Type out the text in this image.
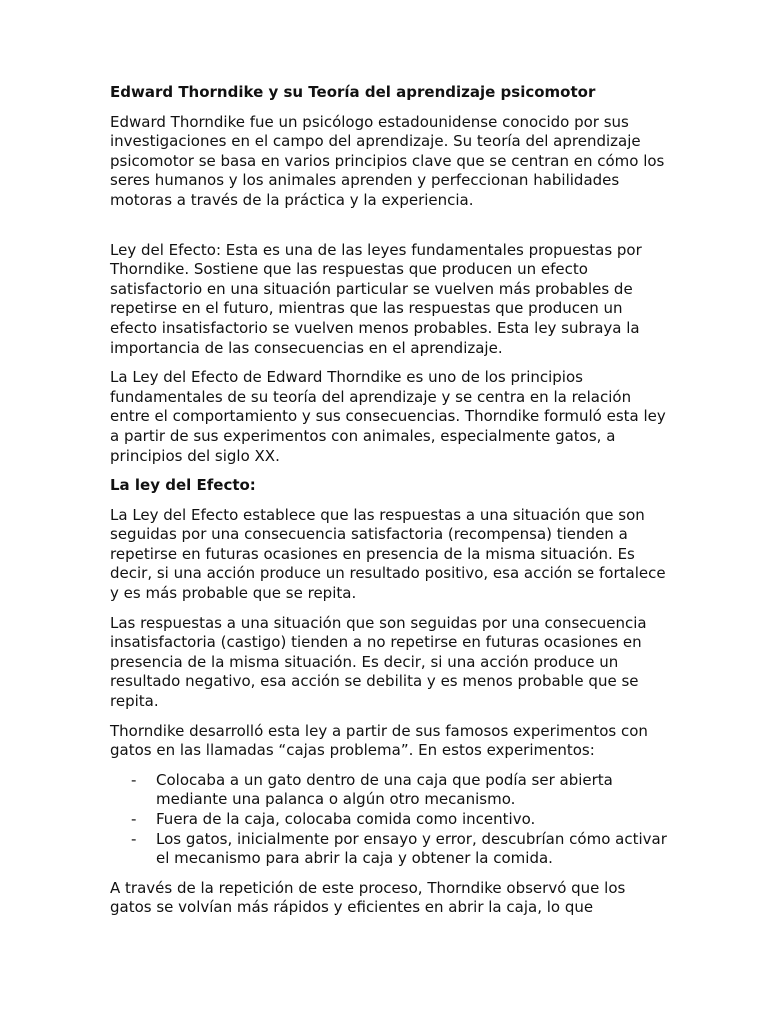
Edward Thorndike y su Teoría del aprendizaje psicomotor

Edward Thorndike fue un psicólogo estadounidense conocido por sus investigaciones en el campo del aprendizaje. Su teoría del aprendizaje psicomotor se basa en varios principios clave que se centran en cómo los seres humanos y los animales aprenden y perfeccionan habilidades motoras a través de la práctica y la experiencia.

Ley del Efecto: Esta es una de las leyes fundamentales propuestas por Thorndike. Sostiene que las respuestas que producen un efecto satisfactorio en una situación particular se vuelven más probables de repetirse en el futuro, mientras que las respuestas que producen un efecto insatisfactorio se vuelven menos probables. Esta ley subraya la importancia de las consecuencias en el aprendizaje.

La Ley del Efecto de Edward Thorndike es uno de los principios fundamentales de su teoría del aprendizaje y se centra en la relación entre el comportamiento y sus consecuencias. Thorndike formuló esta ley a partir de sus experimentos con animales, especialmente gatos, a principios del siglo XX.

La ley del Efecto:

La Ley del Efecto establece que las respuestas a una situación que son seguidas por una consecuencia satisfactoria (recompensa) tienden a repetirse en futuras ocasiones en presencia de la misma situación. Es decir, si una acción produce un resultado positivo, esa acción se fortalece y es más probable que se repita.

Las respuestas a una situación que son seguidas por una consecuencia insatisfactoria (castigo) tienden a no repetirse en futuras ocasiones en presencia de la misma situación. Es decir, si una acción produce un resultado negativo, esa acción se debilita y es menos probable que se repita.

Thorndike desarrolló esta ley a partir de sus famosos experimentos con gatos en las llamadas “cajas problema”. En estos experimentos:

- Colocaba a un gato dentro de una caja que podía ser abierta mediante una palanca o algún otro mecanismo.
- Fuera de la caja, colocaba comida como incentivo.
- Los gatos, inicialmente por ensayo y error, descubrían cómo activar el mecanismo para abrir la caja y obtener la comida.

A través de la repetición de este proceso, Thorndike observó que los gatos se volvían más rápidos y eficientes en abrir la caja, lo que
